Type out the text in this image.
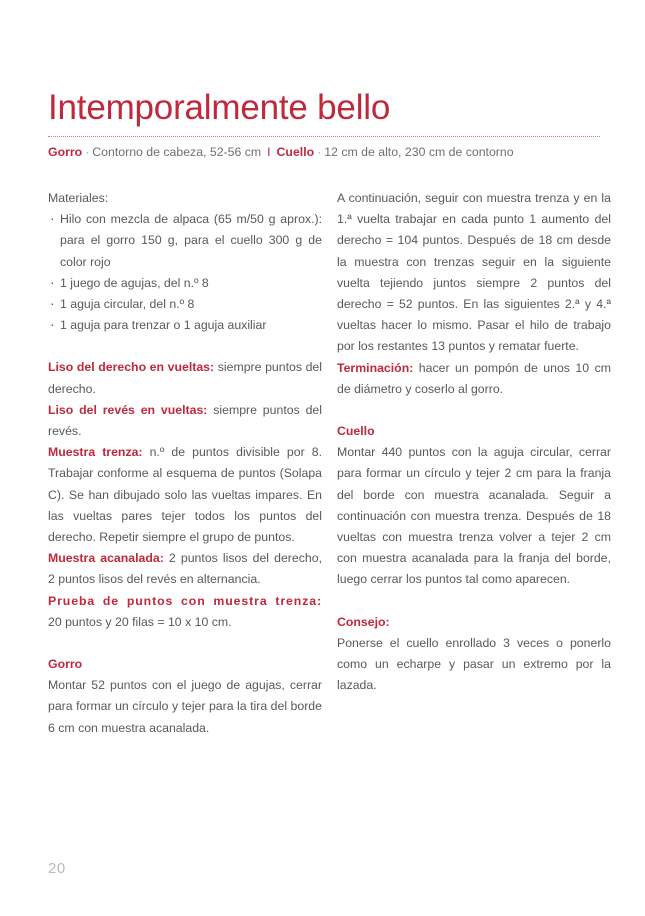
Intemporalmente bello
Gorro · Contorno de cabeza, 52-56 cm I Cuello · 12 cm de alto, 230 cm de contorno

Materiales:

· Hilo con mezcla de alpaca (65 m/50 g aprox.): para el gorro 150 g, para el cuello 300 g de color rojo

· 1 juego de agujas, del n.º 8

· 1 aguja circular, del n.º 8

· 1 aguja para trenzar o 1 aguja auxiliar

Liso del derecho en vueltas: siempre puntos del derecho.

Liso del revés en vueltas: siempre puntos del revés.

Muestra trenza: n.º de puntos divisible por 8. Trabajar conforme al esquema de puntos (Solapa C). Se han dibujado solo las vueltas impares. En las vueltas pares tejer todos los puntos del derecho. Repetir siempre el grupo de puntos.

Muestra acanalada: 2 puntos lisos del derecho, 2 puntos lisos del revés en alternancia.

Prueba de puntos con muestra trenza: 20 puntos y 20 filas = 10 x 10 cm.

Gorro

Montar 52 puntos con el juego de agujas, cerrar para formar un círculo y tejer para la tira del borde 6 cm con muestra acanalada.

A continuación, seguir con muestra trenza y en la 1.ª vuelta trabajar en cada punto 1 aumento del derecho = 104 puntos. Después de 18 cm desde la muestra con trenzas seguir en la siguiente vuelta tejiendo juntos siempre 2 puntos del derecho = 52 puntos. En las siguientes 2.ª y 4.ª vueltas hacer lo mismo. Pasar el hilo de trabajo por los restantes 13 puntos y rematar fuerte.

Terminación: hacer un pompón de unos 10 cm de diámetro y coserlo al gorro.

Cuello

Montar 440 puntos con la aguja circular, cerrar para formar un círculo y tejer 2 cm para la franja del borde con muestra acanalada. Seguir a continuación con muestra trenza. Después de 18 vueltas con muestra trenza volver a tejer 2 cm con muestra acanalada para la franja del borde, luego cerrar los puntos tal como aparecen.

Consejo:

Ponerse el cuello enrollado 3 veces o ponerlo como un echarpe y pasar un extremo por la lazada.

20
